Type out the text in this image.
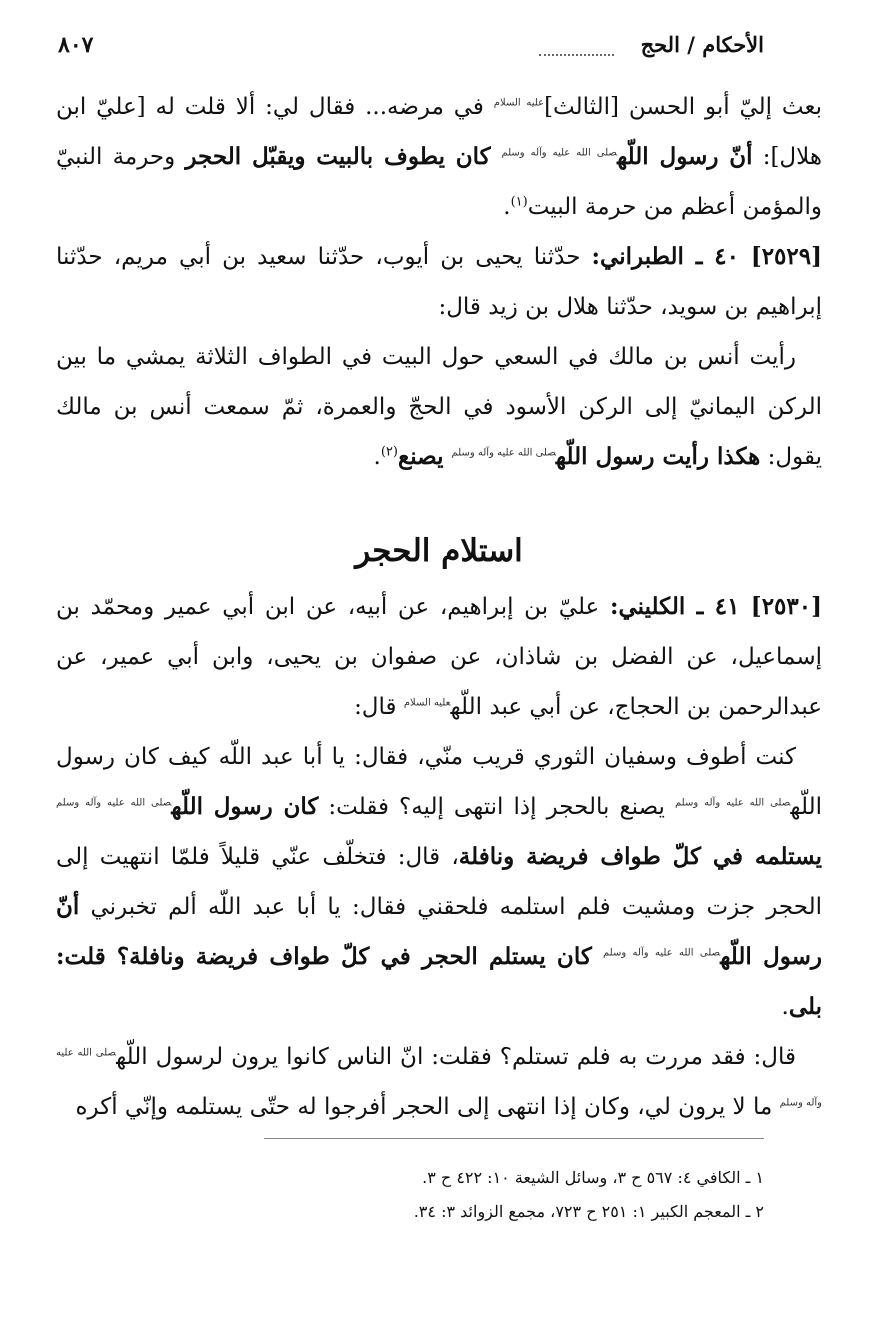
الأحكام / الحج
٨٠٧

بعث إليّ أبو الحسن [الثالث]$^{عليه السلام}$ في مرضه... فقال لي: ألا قلت له [عليّ ابن هلال]: أنّ رسول اللّه$^{صلى الله عليه وآله وسلم}$ كان يطوف بالبيت ويقبّل الحجر وحرمة النبيّ والمؤمن أعظم من حرمة البيت$^{(١)}$.

[٢٥٢٩] ٤٠ ـ الطبراني: حدّثنا يحيى بن أيوب، حدّثنا سعيد بن أبي مريم، حدّثنا إبراهيم بن سويد، حدّثنا هلال بن زيد قال:

رأيت أنس بن مالك في السعي حول البيت في الطواف الثلاثة يمشي ما بين الركن اليمانيّ إلى الركن الأسود في الحجّ والعمرة، ثمّ سمعت أنس بن مالك يقول: هكذا رأيت رسول اللّه$^{صلى الله عليه وآله وسلم}$ يصنع$^{(٢)}$.

استلام الحجر

[٢٥٣٠] ٤١ ـ الكليني: عليّ بن إبراهيم، عن أبيه، عن ابن أبي عمير ومحمّد بن إسماعيل، عن الفضل بن شاذان، عن صفوان بن يحيى، وابن أبي عمير، عن عبدالرحمن بن الحجاج، عن أبي عبد اللّه$^{عليه السلام}$ قال:

كنت أطوف وسفيان الثوري قريب منّي، فقال: يا أبا عبد اللّه كيف كان رسول اللّه$^{صلى الله عليه وآله وسلم}$ يصنع بالحجر إذا انتهى إليه؟ فقلت: كان رسول اللّه$^{صلى الله عليه وآله وسلم}$ يستلمه في كلّ طواف فريضة ونافلة، قال: فتخلّف عنّي قليلاً فلمّا انتهيت إلى الحجر جزت ومشيت فلم استلمه فلحقني فقال: يا أبا عبد اللّه ألم تخبرني أنّ رسول اللّه$^{صلى الله عليه وآله وسلم}$ كان يستلم الحجر في كلّ طواف فريضة ونافلة؟ قلت: بلى.

قال: فقد مررت به فلم تستلم؟ فقلت: انّ الناس كانوا يرون لرسول اللّه$^{صلى الله عليه وآله وسلم}$ ما لا يرون لي، وكان إذا انتهى إلى الحجر أفرجوا له حتّى يستلمه وإنّي أكره

١ ـ الكافي ٤: ٥٦٧ ح ٣، وسائل الشيعة ١٠: ٤٢٢ ح ٣.

٢ ـ المعجم الكبير ١: ٢٥١ ح ٧٢٣، مجمع الزوائد ٣: ٣٤.
